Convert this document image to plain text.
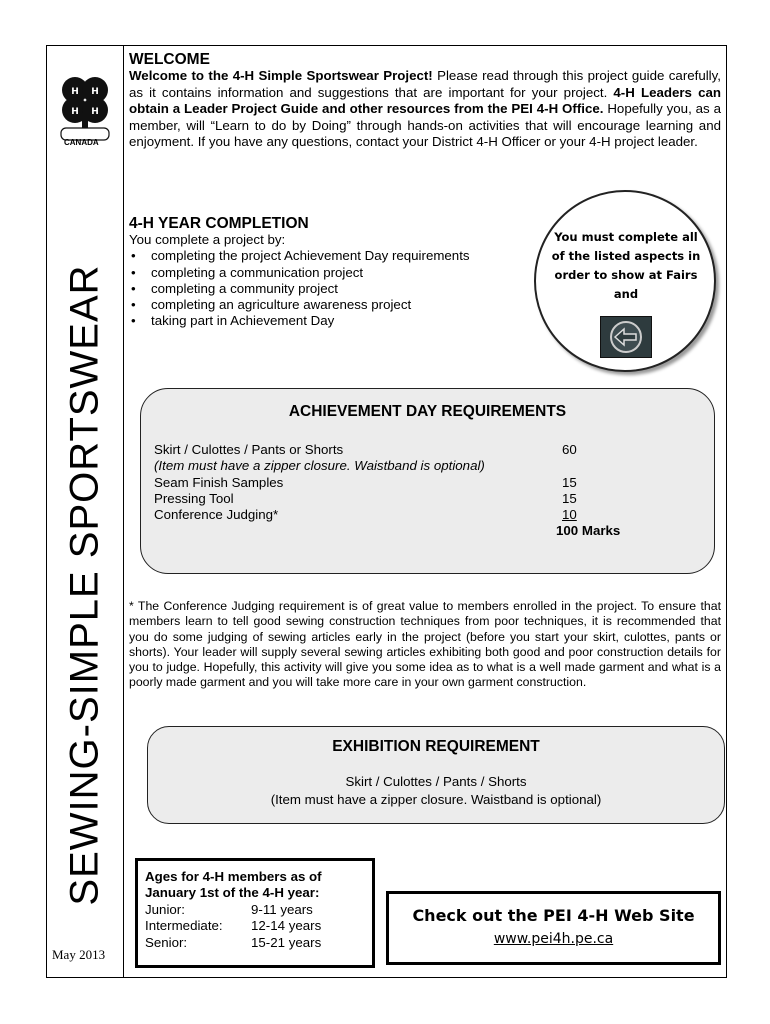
H H
H H
CANADA
SEWING-SIMPLE SPORTSWEAR
May 2013
WELCOME
Welcome to the 4-H Simple Sportswear Project! Please read through this project guide carefully, as it contains information and suggestions that are important for your project. 4-H Leaders can obtain a Leader Project Guide and other resources from the PEI 4-H Office. Hopefully you, as a member, will “Learn to do by Doing” through hands-on activities that will encourage learning and enjoyment. If you have any questions, contact your District 4-H Officer or your 4-H project leader.
4-H YEAR COMPLETION
You complete a project by:
• completing the project Achievement Day requirements
• completing a communication project
• completing a community project
• completing an agriculture awareness project
• taking part in Achievement Day
You must complete all of the listed aspects in order to show at Fairs and
ACHIEVEMENT DAY REQUIREMENTS
Skirt / Culottes / Pants or Shorts	60
(Item must have a zipper closure. Waistband is optional)
Seam Finish Samples	15
Pressing Tool	15
Conference Judging*	10
100 Marks
* The Conference Judging requirement is of great value to members enrolled in the project. To ensure that members learn to tell good sewing construction techniques from poor techniques, it is recommended that you do some judging of sewing articles early in the project (before you start your skirt, culottes, pants or shorts). Your leader will supply several sewing articles exhibiting both good and poor construction details for you to judge. Hopefully, this activity will give you some idea as to what is a well made garment and what is a poorly made garment and you will take more care in your own garment construction.
EXHIBITION REQUIREMENT
Skirt / Culottes / Pants / Shorts
(Item must have a zipper closure. Waistband is optional)
Ages for 4-H members as of
January 1st of the 4-H year:
Junior:	9-11 years
Intermediate:	12-14 years
Senior:	15-21 years
Check out the PEI 4-H Web Site
www.pei4h.pe.ca
